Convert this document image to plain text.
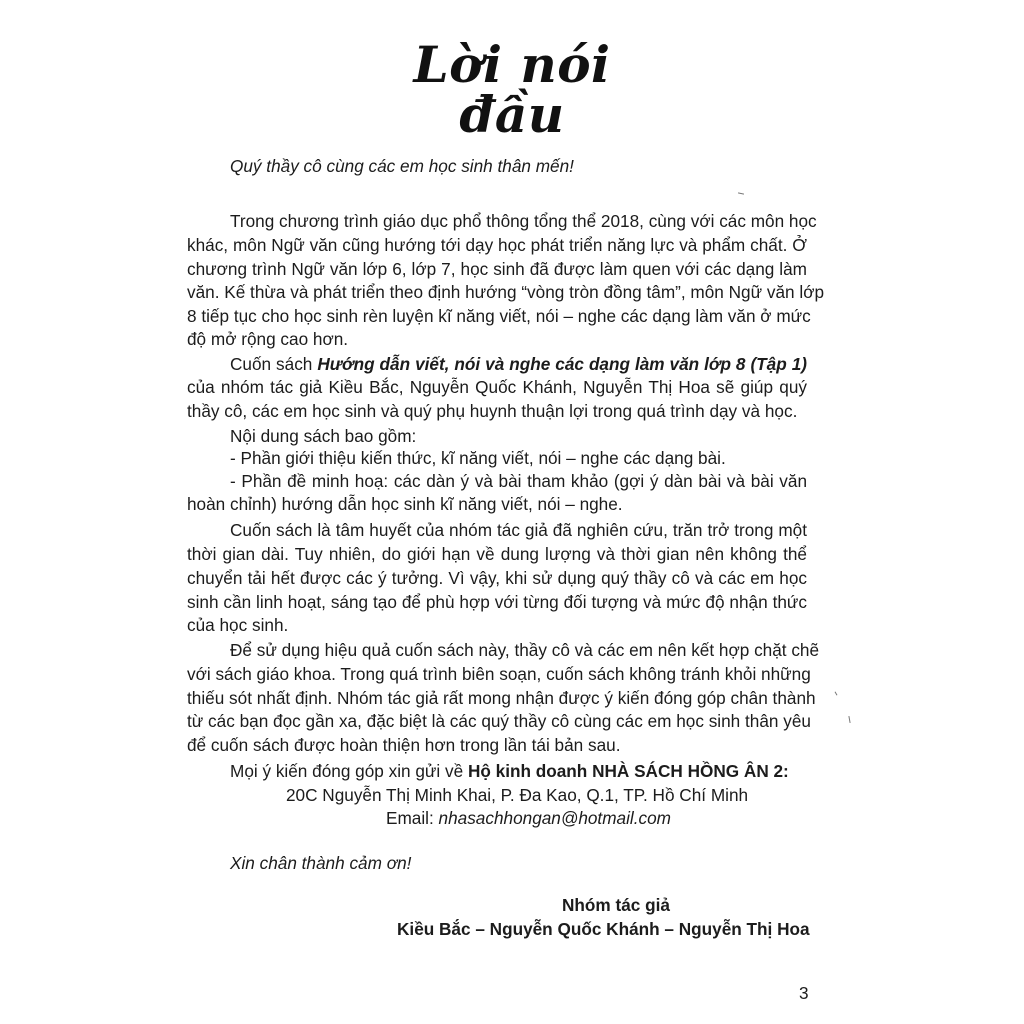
Lời nói đầu
Quý thầy cô cùng các em học sinh thân mến!
Trong chương trình giáo dục phổ thông tổng thể 2018, cùng với các môn học
khác, môn Ngữ văn cũng hướng tới dạy học phát triển năng lực và phẩm chất. Ở
chương trình Ngữ văn lớp 6, lớp 7, học sinh đã được làm quen với các dạng làm
văn. Kế thừa và phát triển theo định hướng “vòng tròn đồng tâm”, môn Ngữ văn lớp
8 tiếp tục cho học sinh rèn luyện kĩ năng viết, nói – nghe các dạng làm văn ở mức
độ mở rộng cao hơn.
Cuốn sách Hướng dẫn viết, nói và nghe các dạng làm văn lớp 8 (Tập 1)
của nhóm tác giả Kiều Bắc, Nguyễn Quốc Khánh, Nguyễn Thị Hoa sẽ giúp quý
thầy cô, các em học sinh và quý phụ huynh thuận lợi trong quá trình dạy và học.
Nội dung sách bao gồm:
- Phần giới thiệu kiến thức, kĩ năng viết, nói – nghe các dạng bài.
- Phần đề minh hoạ: các dàn ý và bài tham khảo (gợi ý dàn bài và bài văn
hoàn chỉnh) hướng dẫn học sinh kĩ năng viết, nói – nghe.
Cuốn sách là tâm huyết của nhóm tác giả đã nghiên cứu, trăn trở trong một
thời gian dài. Tuy nhiên, do giới hạn về dung lượng và thời gian nên không thể
chuyển tải hết được các ý tưởng. Vì vậy, khi sử dụng quý thầy cô và các em học
sinh cần linh hoạt, sáng tạo để phù hợp với từng đối tượng và mức độ nhận thức
của học sinh.
Để sử dụng hiệu quả cuốn sách này, thầy cô và các em nên kết hợp chặt chẽ
với sách giáo khoa. Trong quá trình biên soạn, cuốn sách không tránh khỏi những
thiếu sót nhất định. Nhóm tác giả rất mong nhận được ý kiến đóng góp chân thành
từ các bạn đọc gần xa, đặc biệt là các quý thầy cô cùng các em học sinh thân yêu
để cuốn sách được hoàn thiện hơn trong lần tái bản sau.
Mọi ý kiến đóng góp xin gửi về Hộ kinh doanh NHÀ SÁCH HỒNG ÂN 2:
20C Nguyễn Thị Minh Khai, P. Đa Kao, Q.1, TP. Hồ Chí Minh
Email: nhasachhongan@hotmail.com
Xin chân thành cảm ơn!
Nhóm tác giả
Kiều Bắc – Nguyễn Quốc Khánh – Nguyễn Thị Hoa
3
